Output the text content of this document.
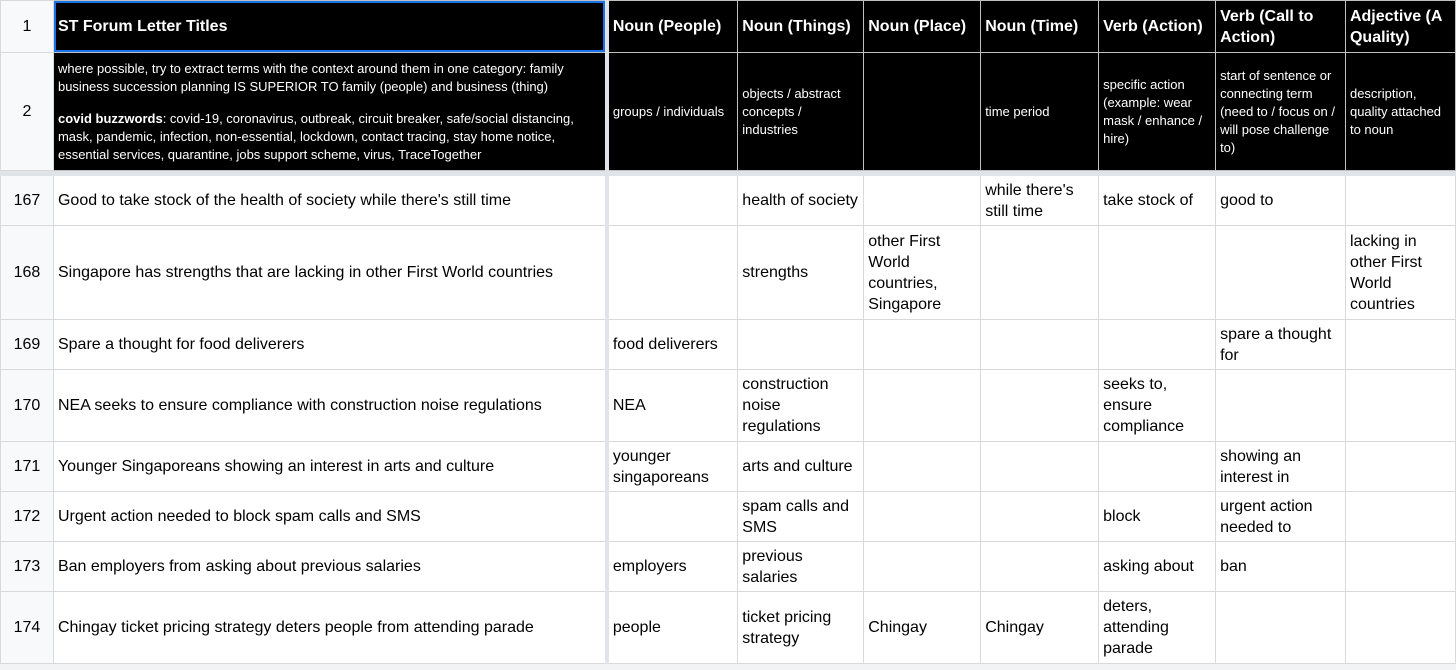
1	ST Forum Letter Titles	Noun (People)	Noun (Things)	Noun (Place)	Noun (Time)	Verb (Action)	Verb (Call to Action)	Adjective (A Quality)
2	where possible, try to extract terms with the context around them in one category: family business succession planning IS SUPERIOR TO family (people) and business (thing)
covid buzzwords: covid-19, coronavirus, outbreak, circuit breaker, safe/social distancing, mask, pandemic, infection, non-essential, lockdown, contact tracing, stay home notice, essential services, quarantine, jobs support scheme, virus, TraceTogether	groups / individuals	objects / abstract concepts / industries		time period	specific action (example: wear mask / enhance / hire)	start of sentence or connecting term (need to / focus on / will pose challenge to)	description, quality attached to noun

167	Good to take stock of the health of society while there's still time		health of society		while there's still time	take stock of	good to	
168	Singapore has strengths that are lacking in other First World countries		strengths	other First World countries, Singapore				lacking in other First World countries
169	Spare a thought for food deliverers	food deliverers					spare a thought for	
170	NEA seeks to ensure compliance with construction noise regulations	NEA	construction noise regulations			seeks to, ensure compliance		
171	Younger Singaporeans showing an interest in arts and culture	younger singaporeans	arts and culture				showing an interest in	
172	Urgent action needed to block spam calls and SMS		spam calls and SMS			block	urgent action needed to	
173	Ban employers from asking about previous salaries	employers	previous salaries			asking about	ban	
174	Chingay ticket pricing strategy deters people from attending parade	people	ticket pricing strategy	Chingay	Chingay	deters, attending parade		
